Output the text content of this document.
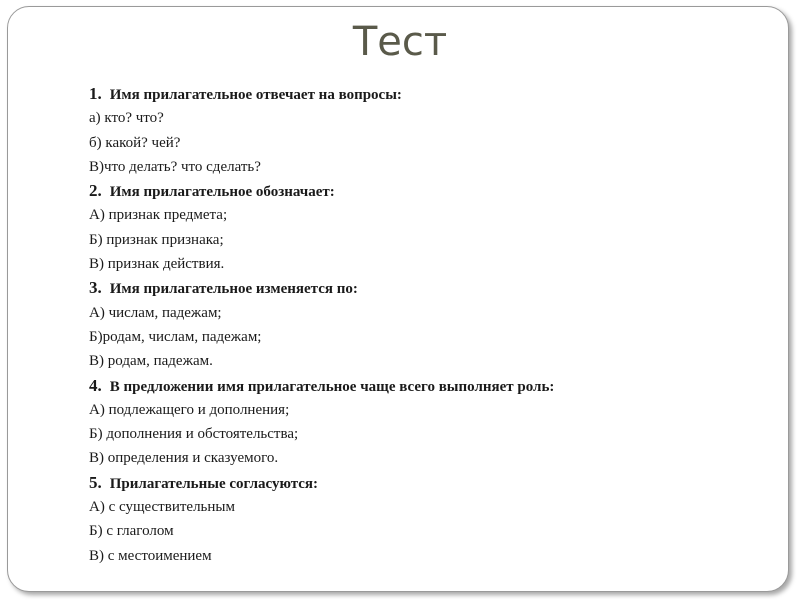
Тест
1. Имя прилагательное отвечает на вопросы:
а) кто? что?
б) какой? чей?
В)что делать? что сделать?
2. Имя прилагательное обозначает:
А) признак предмета;
Б) признак признака;
В) признак действия.
3. Имя прилагательное изменяется по:
А) числам, падежам;
Б)родам, числам, падежам;
В) родам, падежам.
4. В предложении имя прилагательное чаще всего выполняет роль:
А) подлежащего и дополнения;
Б) дополнения и обстоятельства;
В) определения и сказуемого.
5. Прилагательные согласуются:
А) с существительным
Б) с глаголом
В) с местоимением
